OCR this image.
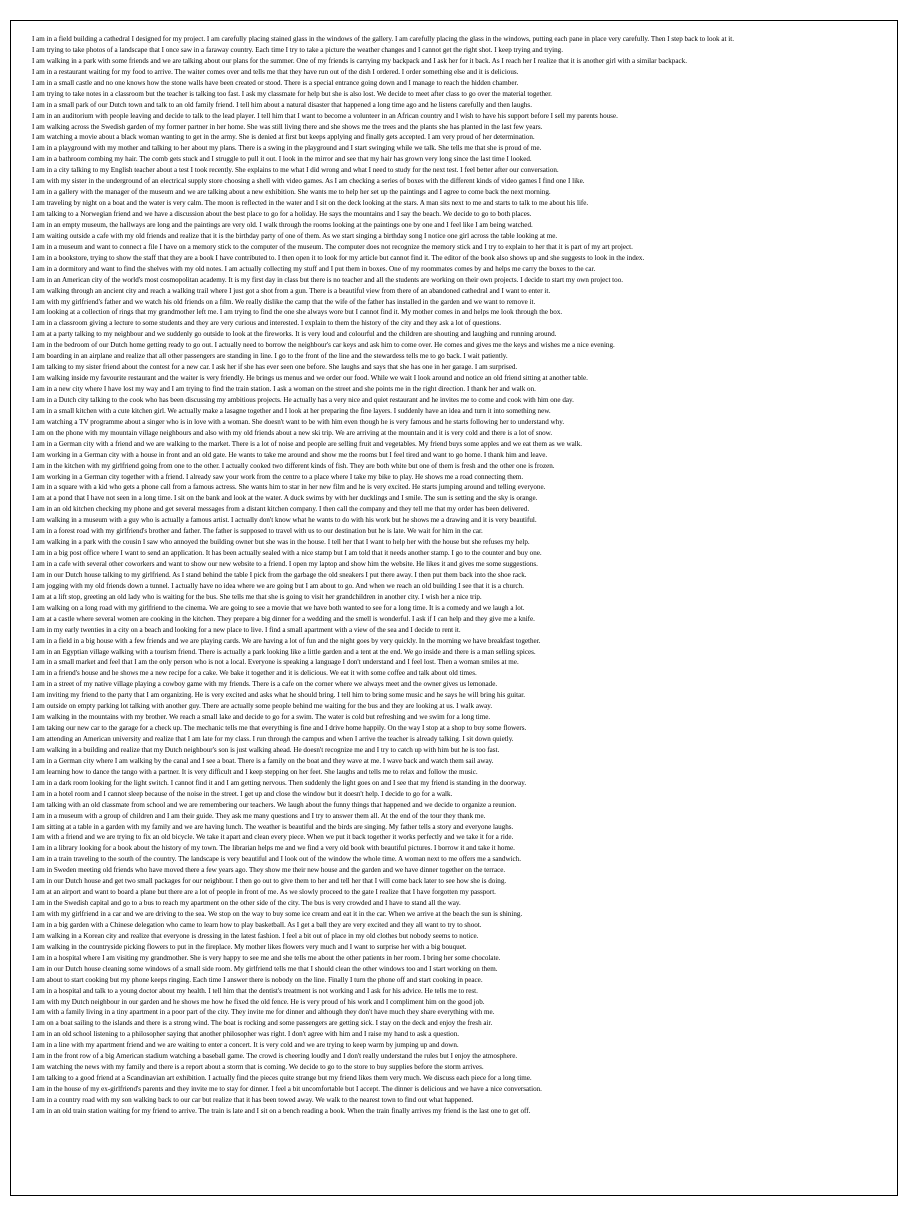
I am in a field building a cathedral I designed for my project. I am carefully placing stained glass in the windows of the gallery. I am carefully placing the glass in the windows, putting each pane in place very carefully. Then I step back to look at it.
I am trying to take photos of a landscape that I once saw in a faraway country. Each time I try to take a picture the weather changes and I cannot get the right shot. I keep trying and trying.
I am walking in a park with some friends and we are talking about our plans for the summer. One of my friends is carrying my backpack and I ask her for it back. As I reach her I realize that it is another girl with a similar backpack.
I am in a restaurant waiting for my food to arrive. The waiter comes over and tells me that they have run out of the dish I ordered. I order something else and it is delicious.
I am in a small castle and no one knows how the stone walls have been created or stood. There is a special entrance going down and I manage to reach the hidden chamber.
I am trying to take notes in a classroom but the teacher is talking too fast. I ask my classmate for help but she is also lost. We decide to meet after class to go over the material together.
I am in a small park of our Dutch town and talk to an old family friend. I tell him about a natural disaster that happened a long time ago and he listens carefully and then laughs.
I am in an auditorium with people leaving and decide to talk to the lead player. I tell him that I want to become a volunteer in an African country and I wish to have his support before I sell my parents house.
I am walking across the Swedish garden of my former partner in her home. She was still living there and she shows me the trees and the plants she has planted in the last few years.
I am watching a movie about a black woman wanting to get in the army. She is denied at first but keeps applying and finally gets accepted. I am very proud of her determination.
I am in a playground with my mother and talking to her about my plans. There is a swing in the playground and I start swinging while we talk. She tells me that she is proud of me.
I am in a bathroom combing my hair. The comb gets stuck and I struggle to pull it out. I look in the mirror and see that my hair has grown very long since the last time I looked.
I am in a city talking to my English teacher about a test I took recently. She explains to me what I did wrong and what I need to study for the next test. I feel better after our conversation.
I am with my sister in the underground of an electrical supply store choosing a shell with video games. As I am checking a series of boxes with the different kinds of video games I find one I like.
I am in a gallery with the manager of the museum and we are talking about a new exhibition. She wants me to help her set up the paintings and I agree to come back the next morning.
I am traveling by night on a boat and the water is very calm. The moon is reflected in the water and I sit on the deck looking at the stars. A man sits next to me and starts to talk to me about his life.
I am talking to a Norwegian friend and we have a discussion about the best place to go for a holiday. He says the mountains and I say the beach. We decide to go to both places.
I am in an empty museum, the hallways are long and the paintings are very old. I walk through the rooms looking at the paintings one by one and I feel like I am being watched.
I am waiting outside a cafe with my old friends and realize that it is the birthday party of one of them. As we start singing a birthday song I notice one girl across the table looking at me.
I am in a museum and want to connect a file I have on a memory stick to the computer of the museum. The computer does not recognize the memory stick and I try to explain to her that it is part of my art project.
I am in a bookstore, trying to show the staff that they are a book I have contributed to. I then open it to look for my article but cannot find it. The editor of the book also shows up and she suggests to look in the index.
I am in a dormitory and want to find the shelves with my old notes. I am actually collecting my stuff and I put them in boxes. One of my roommates comes by and helps me carry the boxes to the car.
I am in an American city of the world's most cosmopolitan academy. It is my first day in class but there is no teacher and all the students are working on their own projects. I decide to start my own project too.
I am walking through an ancient city and reach a walking trail where I just got a shot from a gun. There is a beautiful view from there of an abandoned cathedral and I want to enter it.
I am with my girlfriend's father and we watch his old friends on a film. We really dislike the camp that the wife of the father has installed in the garden and we want to remove it.
I am looking at a collection of rings that my grandmother left me. I am trying to find the one she always wore but I cannot find it. My mother comes in and helps me look through the box.
I am in a classroom giving a lecture to some students and they are very curious and interested. I explain to them the history of the city and they ask a lot of questions.
I am at a party talking to my neighbour and we suddenly go outside to look at the fireworks. It is very loud and colourful and the children are shouting and laughing and running around.
I am in the bedroom of our Dutch home getting ready to go out. I actually need to borrow the neighbour's car keys and ask him to come over. He comes and gives me the keys and wishes me a nice evening.
I am boarding in an airplane and realize that all other passengers are standing in line. I go to the front of the line and the stewardess tells me to go back. I wait patiently.
I am talking to my sister friend about the contest for a new car. I ask her if she has ever seen one before. She laughs and says that she has one in her garage. I am surprised.
I am walking inside my favourite restaurant and the waiter is very friendly. He brings us menus and we order our food. While we wait I look around and notice an old friend sitting at another table.
I am in a new city where I have lost my way and I am trying to find the train station. I ask a woman on the street and she points me in the right direction. I thank her and walk on.
I am in a Dutch city talking to the cook who has been discussing my ambitious projects. He actually has a very nice and quiet restaurant and he invites me to come and cook with him one day.
I am in a small kitchen with a cute kitchen girl. We actually make a lasagne together and I look at her preparing the fine layers. I suddenly have an idea and turn it into something new.
I am watching a TV programme about a singer who is in love with a woman. She doesn't want to be with him even though he is very famous and he starts following her to understand why.
I am on the phone with my mountain village neighbours and also with my old friends about a new ski trip. We are arriving at the mountain and it is very cold and there is a lot of snow.
I am in a German city with a friend and we are walking to the market. There is a lot of noise and people are selling fruit and vegetables. My friend buys some apples and we eat them as we walk.
I am working in a German city with a house in front and an old gate. He wants to take me around and show me the rooms but I feel tired and want to go home. I thank him and leave.
I am in the kitchen with my girlfriend going from one to the other. I actually cooked two different kinds of fish. They are both white but one of them is fresh and the other one is frozen.
I am working in a German city together with a friend. I already saw your work from the centre to a place where I take my bike to play. He shows me a road connecting them.
I am in a square with a kid who gets a phone call from a famous actress. She wants him to star in her new film and he is very excited. He starts jumping around and telling everyone.
I am at a pond that I have not seen in a long time. I sit on the bank and look at the water. A duck swims by with her ducklings and I smile. The sun is setting and the sky is orange.
I am in an old kitchen checking my phone and get several messages from a distant kitchen company. I then call the company and they tell me that my order has been delivered.
I am walking in a museum with a guy who is actually a famous artist. I actually don't know what he wants to do with his work but he shows me a drawing and it is very beautiful.
I am in a forest road with my girlfriend's brother and father. The father is supposed to travel with us to our destination but he is late. We wait for him in the car.
I am walking in a park with the cousin I saw who annoyed the building owner but she was in the house. I tell her that I want to help her with the house but she refuses my help.
I am in a big post office where I want to send an application. It has been actually sealed with a nice stamp but I am told that it needs another stamp. I go to the counter and buy one.
I am in a cafe with several other coworkers and want to show our new website to a friend. I open my laptop and show him the website. He likes it and gives me some suggestions.
I am in our Dutch house talking to my girlfriend. As I stand behind the table I pick from the garbage the old sneakers I put there away. I then put them back into the shoe rack.
I am jogging with my old friends down a tunnel. I actually have no idea where we are going but I am about to go. And when we reach an old building I see that it is a church.
I am at a lift stop, greeting an old lady who is waiting for the bus. She tells me that she is going to visit her grandchildren in another city. I wish her a nice trip.
I am walking on a long road with my girlfriend to the cinema. We are going to see a movie that we have both wanted to see for a long time. It is a comedy and we laugh a lot.
I am at a castle where several women are cooking in the kitchen. They prepare a big dinner for a wedding and the smell is wonderful. I ask if I can help and they give me a knife.
I am in my early twenties in a city on a beach and looking for a new place to live. I find a small apartment with a view of the sea and I decide to rent it.
I am in a field in a big house with a few friends and we are playing cards. We are having a lot of fun and the night goes by very quickly. In the morning we have breakfast together.
I am in an Egyptian village walking with a tourism friend. There is actually a park looking like a little garden and a tent at the end. We go inside and there is a man selling spices.
I am in a small market and feel that I am the only person who is not a local. Everyone is speaking a language I don't understand and I feel lost. Then a woman smiles at me.
I am in a friend's house and he shows me a new recipe for a cake. We bake it together and it is delicious. We eat it with some coffee and talk about old times.
I am in a street of my native village playing a cowboy game with my friends. There is a cafe on the corner where we always meet and the owner gives us lemonade.
I am inviting my friend to the party that I am organizing. He is very excited and asks what he should bring. I tell him to bring some music and he says he will bring his guitar.
I am outside on empty parking lot talking with another guy. There are actually some people behind me waiting for the bus and they are looking at us. I walk away.
I am walking in the mountains with my brother. We reach a small lake and decide to go for a swim. The water is cold but refreshing and we swim for a long time.
I am taking our new car to the garage for a check up. The mechanic tells me that everything is fine and I drive home happily. On the way I stop at a shop to buy some flowers.
I am attending an American university and realize that I am late for my class. I run through the campus and when I arrive the teacher is already talking. I sit down quietly.
I am walking in a building and realize that my Dutch neighbour's son is just walking ahead. He doesn't recognize me and I try to catch up with him but he is too fast.
I am in a German city where I am walking by the canal and I see a boat. There is a family on the boat and they wave at me. I wave back and watch them sail away.
I am learning how to dance the tango with a partner. It is very difficult and I keep stepping on her feet. She laughs and tells me to relax and follow the music.
I am in a dark room looking for the light switch. I cannot find it and I am getting nervous. Then suddenly the light goes on and I see that my friend is standing in the doorway.
I am in a hotel room and I cannot sleep because of the noise in the street. I get up and close the window but it doesn't help. I decide to go for a walk.
I am talking with an old classmate from school and we are remembering our teachers. We laugh about the funny things that happened and we decide to organize a reunion.
I am in a museum with a group of children and I am their guide. They ask me many questions and I try to answer them all. At the end of the tour they thank me.
I am sitting at a table in a garden with my family and we are having lunch. The weather is beautiful and the birds are singing. My father tells a story and everyone laughs.
I am with a friend and we are trying to fix an old bicycle. We take it apart and clean every piece. When we put it back together it works perfectly and we take it for a ride.
I am in a library looking for a book about the history of my town. The librarian helps me and we find a very old book with beautiful pictures. I borrow it and take it home.
I am in a train traveling to the south of the country. The landscape is very beautiful and I look out of the window the whole time. A woman next to me offers me a sandwich.
I am in Sweden meeting old friends who have moved there a few years ago. They show me their new house and the garden and we have dinner together on the terrace.
I am in our Dutch house and get two small packages for our neighbour. I then go out to give them to her and tell her that I will come back later to see how she is doing.
I am at an airport and want to board a plane but there are a lot of people in front of me. As we slowly proceed to the gate I realize that I have forgotten my passport.
I am in the Swedish capital and go to a bus to reach my apartment on the other side of the city. The bus is very crowded and I have to stand all the way.
I am with my girlfriend in a car and we are driving to the sea. We stop on the way to buy some ice cream and eat it in the car. When we arrive at the beach the sun is shining.
I am in a big garden with a Chinese delegation who came to learn how to play basketball. As I get a ball they are very excited and they all want to try to shoot.
I am walking in a Korean city and realize that everyone is dressing in the latest fashion. I feel a bit out of place in my old clothes but nobody seems to notice.
I am walking in the countryside picking flowers to put in the fireplace. My mother likes flowers very much and I want to surprise her with a big bouquet.
I am in a hospital where I am visiting my grandmother. She is very happy to see me and she tells me about the other patients in her room. I bring her some chocolate.
I am in our Dutch house cleaning some windows of a small side room. My girlfriend tells me that I should clean the other windows too and I start working on them.
I am about to start cooking but my phone keeps ringing. Each time I answer there is nobody on the line. Finally I turn the phone off and start cooking in peace.
I am in a hospital and talk to a young doctor about my health. I tell him that the dentist's treatment is not working and I ask for his advice. He tells me to rest.
I am with my Dutch neighbour in our garden and he shows me how he fixed the old fence. He is very proud of his work and I compliment him on the good job.
I am with a family living in a tiny apartment in a poor part of the city. They invite me for dinner and although they don't have much they share everything with me.
I am on a boat sailing to the islands and there is a strong wind. The boat is rocking and some passengers are getting sick. I stay on the deck and enjoy the fresh air.
I am in an old school listening to a philosopher saying that another philosopher was right. I don't agree with him and I raise my hand to ask a question.
I am in a line with my apartment friend and we are waiting to enter a concert. It is very cold and we are trying to keep warm by jumping up and down.
I am in the front row of a big American stadium watching a baseball game. The crowd is cheering loudly and I don't really understand the rules but I enjoy the atmosphere.
I am watching the news with my family and there is a report about a storm that is coming. We decide to go to the store to buy supplies before the storm arrives.
I am talking to a good friend at a Scandinavian art exhibition. I actually find the pieces quite strange but my friend likes them very much. We discuss each piece for a long time.
I am in the house of my ex-girlfriend's parents and they invite me to stay for dinner. I feel a bit uncomfortable but I accept. The dinner is delicious and we have a nice conversation.
I am in a country road with my son walking back to our car but realize that it has been towed away. We walk to the nearest town to find out what happened.
I am in an old train station waiting for my friend to arrive. The train is late and I sit on a bench reading a book. When the train finally arrives my friend is the last one to get off.
